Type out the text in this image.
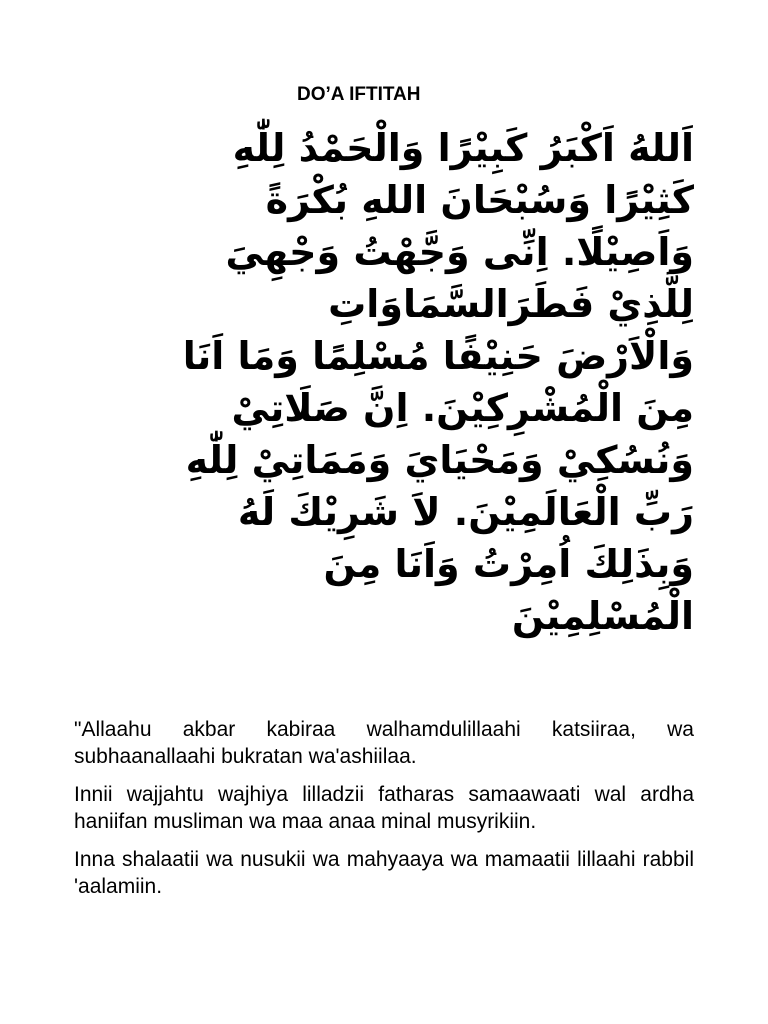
DO’A IFTITAH
اَللهُ اَكْبَرُ كَبِيْرًا وَالْحَمْدُ لِلّٰهِ
كَثِيْرًا وَسُبْحَانَ اللهِ بُكْرَةً
وَاَصِيْلًا. اِنِّى وَجَّهْتُ وَجْهِيَ
لِلَّذِيْ فَطَرَالسَّمَاوَاتِ
وَالْاَرْضَ حَنِيْفًا مُسْلِمًا وَمَا اَنَا
مِنَ الْمُشْرِكِيْنَ. اِنَّ صَلَاتِيْ
وَنُسُكِيْ وَمَحْيَايَ وَمَمَاتِيْ لِلّٰهِ
رَبِّ الْعَالَمِيْنَ. لاَ شَرِيْكَ لَهُ
وَبِذَلِكَ اُمِرْتُ وَاَنَا مِنَ
الْمُسْلِمِيْنَ

"Allaahu akbar kabiraa walhamdulillaahi katsiiraa, wa subhaanallaahi bukratan wa'ashiilaa.

Innii wajjahtu wajhiya lilladzii fatharas samaawaati wal ardha haniifan musliman wa maa anaa minal musyrikiin.

Inna shalaatii wa nusukii wa mahyaaya wa mamaatii lillaahi rabbil 'aalamiin.
